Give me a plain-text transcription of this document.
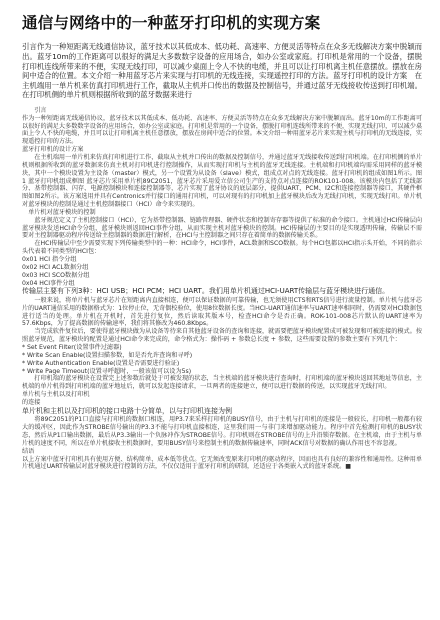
通信与网络中的一种蓝牙打印机的实现方案

引言作为一种短距离无线通信协议，蓝牙技术以其低成本、低功耗、高速率、方便灵活等特点在众多无线解决方案中脱颖而出。蓝牙10m的工作距离可以很好的满足大多数数字设备的应用场合，如办公室或家庭。打印机是常用的一个设备，摆脱打印机连线所带来的不便，实现无线打印，可以减少桌面上令人不快的电缆，并且可以让打印机离主机任意摆放。摆放在房间中适合的位置。本文介绍一种用蓝牙芯片来实现与打印机的无线连接，实现遥控打印的方法。蓝牙打印机的设计方案　在主机端用一单片机来仿真打印机进行工作，截取从主机并口传出的数据及控制信号，并通过蓝牙无线接收传送到打印机端。在打印机侧的单片机则根据所收到的蓝牙数据来进行

　　引言

作为一种短距离无线通信协议，蓝牙技术以其低成本、低功耗、高速率、方便灵活等特点在众多无线解决方案中脱颖而出。蓝牙10m的工作距离可以很好的满足大多数数字设备的应用场合，如办公室或家庭。打印机是常用的一个设备，摆脱打印机连线所带来的不便，实现无线打印，可以减少桌面上令人不快的电缆，并且可以让打印机离主机任意摆放，摆放在房间中适合的位置。本文介绍一种用蓝牙芯片来实现主机与打印机的无线连接，实现遥控打印的方法。

蓝牙打印机的设计方案

　　在主机端用一单片机来仿真打印机进行工作，截取从主机并口传出的数据及控制信号，并通过蓝牙无线接收传送到打印机端。在打印机侧的单片机则根据所收到的蓝牙数据来仿真主机对打印机进行控制操作，从而实现打印机与主机的蓝牙无线连接。主机端和打印机端均需采用同样的蓝牙模块，其中一个模块设置为主设备（master）模式，另一个设置为从设备（slave）模式，组成点对点的无线连接。蓝牙打印机的组成如图1所示。图1 蓝牙打印机组成框图 蓝牙芯片采用单片机89C2051，蓝牙芯片采用爱立信公司生产的支持点对点连接的ROK101-008。该模块内包括了无线部分、基带控制器、闪存、电源控制模块和连接控制器等，芯片实现了蓝牙协议的底层部分，提供UART、PCM、I2C和连接控制器等接口，其硬件框图如图2所示。该方案选用并具有Centronics并行接口的通用打印机，可以对现有的打印机加上蓝牙模块后改为无线打印机，实现无线打印。单片机对蓝牙模块的控制是通过主机控制器接口（HCI）命令来实现的。

　单片机对蓝牙模块的控制

　　蓝牙规范定义了主机控制接口（HCI），它为基带控制器、链路管理器、硬件状态和控制寄存器等提供了标准的命令接口。主机通过HCI传输层向蓝牙模块发送HCI命令分组，蓝牙模块则返回HCI事件分组，从而实现主机对蓝牙模块的控制。HCI传输层的主要目的是实现透明传输，传输层不需要对主控制器驱动程序传送给主控制器的数据进行解析，在HCI与主控制器之间只存在着简单的数据传输关系。

　　在HCI传输层中至少需要实现下列传输类型中的一种：HCI命令，HCI事件，ACL数据和SCO数据。每个HCI包都以HCI指示头开始，不同的指示头代表着不同类型的HCI包：

0x01 HCI 指令分组

0x02 HCI ACL数据分组

0x03 HCI SCO数据分组

0x04 HCI事件分组

传输层主要有下列3种：HCI USB；HCI PCM；HCI UART。我们用单片机通过HCI-UART传输层与蓝牙模块进行通信。

　　一般来说，将单片机与蓝牙芯片在短距离内直接相连，便可以保证数据的可靠传输，也无须使用CTS和RTS信号进行流量控制。单片机与蓝牙芯片的UART通信采用的数据格式为：1位停止位，无奇偶校验位，使用8位数据长度。当HCI-UART通信速率与UART速率相同时，仍需要对HCI数据包进行适当的处理。单片机在开机时，首先进行复位，然后读取其版本号，检查HCI命令是否正确。ROK-101-008芯片默认的UART速率为57.6Kbps，为了提高数据的传输速率，我们将其修改为460.8Kbps。

　　当完成软件复位后，要使得蓝牙模块做为从设备等待来自其他蓝牙设备的查询和连接，就需要把蓝牙模块配置成可被发现和可被连接的模式。按照蓝牙规范，蓝牙模块的配置是通过HCI命令来完成的，命令格式为：操作码 + 参数总长度 + 参数，这些需要设置的参数主要有下列几个：

* Set Event Filter(设置事件过滤器)

* Write Scan Enable(设置扫描参数，如是否允许查询和寻呼)

* Write Authentication Enable(设置是否需要进行验证)

* Write Page Timeout(设置寻呼超时，一般该值可以设为5s)

　　打印机端的蓝牙模块在设置完上述参数后就处于可被发现的状态，当主机端的蓝牙模块进行查询时，打印机端的蓝牙模块返回其地址等信息，主机端的单片机得到打印机端的蓝牙地址后，就可以发起连接请求，一旦两者的连接建立，便可以进行数据的传送，以实现蓝牙无线打印。

单片机与主机以及打印机

的连接

单片机和主机以及打印机的接口电路十分简单，以与打印机连接为例

　　将89C2051的P1口直接与打印机的数据口相连，用P3.7来采样打印机的BUSY信号，由于主机与打印机的连接是一般较长，打印机一般都有较大的缓冲区，因此作为STROBE信号输出的P3.3不能与打印机直接相连，这里我们用一与非门来增加驱动能力。程序中首先检测打印机的BUSY状态，然后从P1口输出数据，最后从P3.3输出一个负脉冲作为STROBE信号。打印机则在STROBE信号的上升沿锁存数据。在主机端，由于主机与单片机的速度不同，所以在单片机接收主机数据时，要用BUSY信号来控制主机的数据传输速率，同时ACK信号对数据的确认作用也不容忽视。

结语

以上方案中蓝牙打印机具有使用方便、结构简单、成本低等优点。它无须改变原来打印机的驱动程序，因而也具有良好的兼容性和通用性。这种用单片机通过UART传输层对蓝牙模块进行控制的方法，不仅仅适用于蓝牙打印机的研制，还适应于各类嵌入式的蓝牙系统。■
